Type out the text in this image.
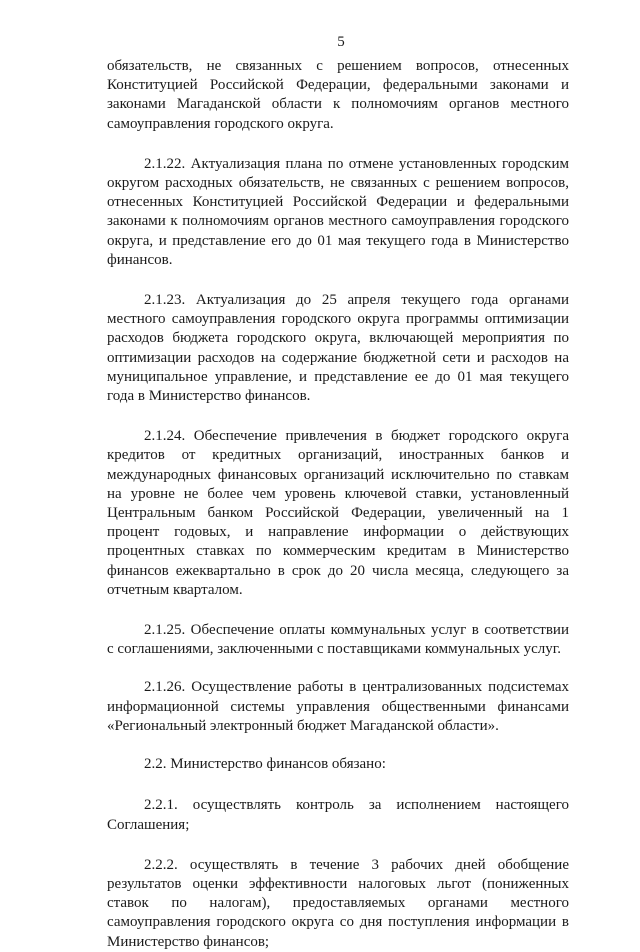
5

обязательств, не связанных с решением вопросов, отнесенных Конституцией Российской Федерации, федеральными законами и законами Магаданской области к полномочиям органов местного самоуправления городского округа.

2.1.22. Актуализация плана по отмене установленных городским округом расходных обязательств, не связанных с решением вопросов, отнесенных Конституцией Российской Федерации и федеральными законами к полномочиям органов местного самоуправления городского округа, и представление его до 01 мая текущего года в Министерство финансов.

2.1.23. Актуализация до 25 апреля текущего года органами местного самоуправления городского округа программы оптимизации расходов бюджета городского округа, включающей мероприятия по оптимизации расходов на содержание бюджетной сети и расходов на муниципальное управление, и представление ее до 01 мая текущего года в Министерство финансов.

2.1.24. Обеспечение привлечения в бюджет городского округа кредитов от кредитных организаций, иностранных банков и международных финансовых организаций исключительно по ставкам на уровне не более чем уровень ключевой ставки, установленный Центральным банком Российской Федерации, увеличенный на 1 процент годовых, и направление информации о действующих процентных ставках по коммерческим кредитам в Министерство финансов ежеквартально в срок до 20 числа месяца, следующего за отчетным кварталом.

2.1.25. Обеспечение оплаты коммунальных услуг в соответствии с соглашениями, заключенными с поставщиками коммунальных услуг.

2.1.26. Осуществление работы в централизованных подсистемах информационной системы управления общественными финансами «Региональный электронный бюджет Магаданской области».

2.2. Министерство финансов обязано:

2.2.1. осуществлять контроль за исполнением настоящего Соглашения;

2.2.2. осуществлять в течение 3 рабочих дней обобщение результатов оценки эффективности налоговых льгот (пониженных ставок по налогам), предоставляемых органами местного самоуправления городского округа со дня поступления информации в Министерство финансов;
